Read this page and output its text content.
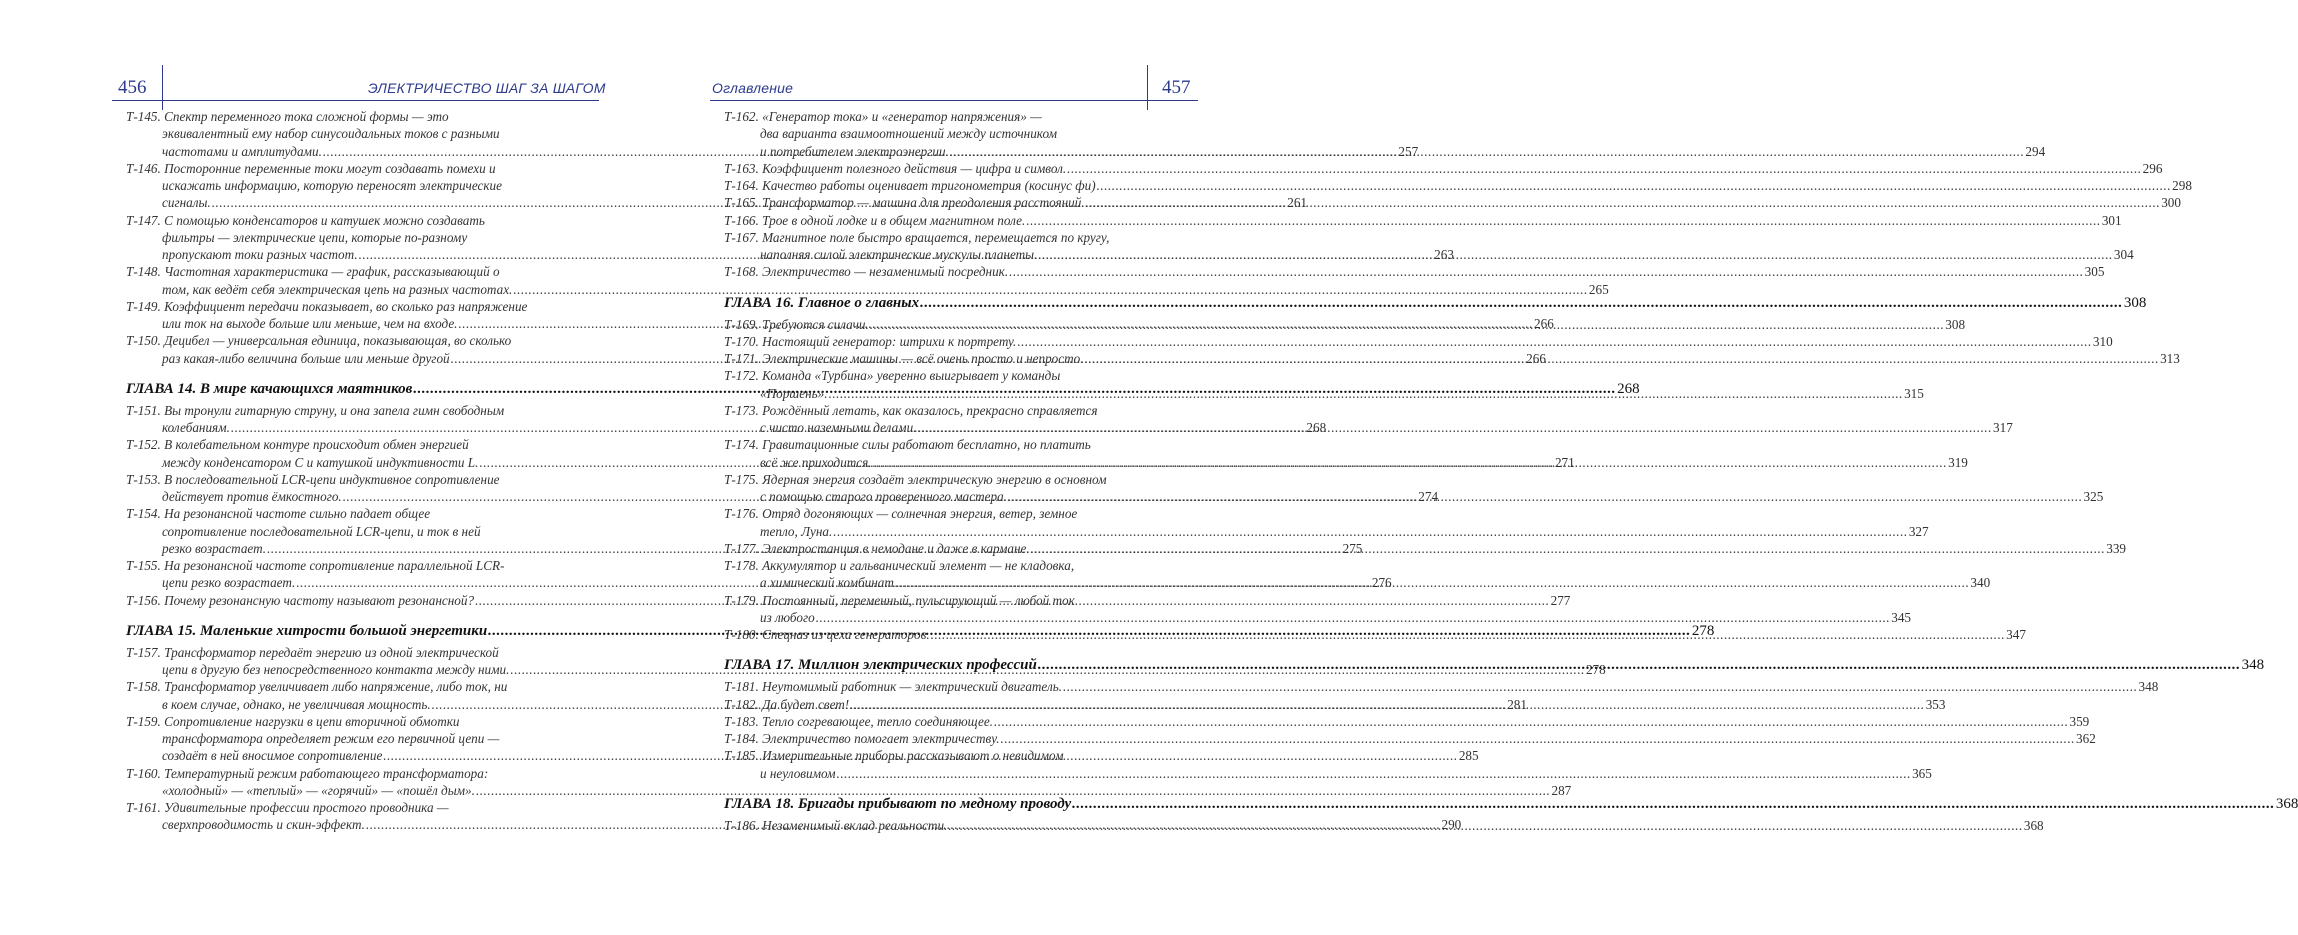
456	ЭЛЕКТРИЧЕСТВО ШАГ ЗА ШАГОМ
Т-145. Спектр переменного тока сложной формы — это
эквивалентный ему набор синусоидальных токов с разными
частотами и амплитудами. .....	257
Т-146. Посторонние переменные токи могут создавать помехи и
искажать информацию, которую переносят электрические
сигналы. .....	261
Т-147. С помощью конденсаторов и катушек можно создавать
фильтры — электрические цепи, которые по-разному
пропускают токи разных частот. .....	263
Т-148. Частотная характеристика — график, рассказывающий о
том, как ведёт себя электрическая цепь на разных частотах. .....	265
Т-149. Коэффициент передачи показывает, во сколько раз напряжение
или ток на выходе больше или меньше, чем на входе. .....	266
Т-150. Децибел — универсальная единица, показывающая, во сколько
раз какая-либо величина больше или меньше другой .....	266
ГЛАВА 14. В мире качающихся маятников .....	268
Т-151. Вы тронули гитарную струну, и она запела гимн свободным
колебаниям. .....	268
Т-152. В колебательном контуре происходит обмен энергией
между конденсатором С и катушкой индуктивности L. .....	271
Т-153. В последовательной LCR-цепи индуктивное сопротивление
действует против ёмкостного. .....	274
Т-154. На резонансной частоте сильно падает общее
сопротивление последовательной LCR-цепи, и ток в ней
резко возрастает. .....	275
Т-155. На резонансной частоте сопротивление параллельной LCR-
цепи резко возрастает. .....	276
Т-156. Почему резонансную частоту называют резонансной? .....	277
ГЛАВА 15. Маленькие хитрости большой энергетики .....	278
Т-157. Трансформатор передаёт энергию из одной электрической
цепи в другую без непосредственного контакта между ними. .....	278
Т-158. Трансформатор увеличивает либо напряжение, либо ток, ни
в коем случае, однако, не увеличивая мощность. .....	281
Т-159. Сопротивление нагрузки в цепи вторичной обмотки
трансформатора определяет режим его первичной цепи —
создаёт в ней вносимое сопротивление .....	285
Т-160. Температурный режим работающего трансформатора:
«холодный» — «теплый» — «горячий» — «пошёл дым». .....	287
Т-161. Удивительные профессии простого проводника —
сверхпроводимость и скин-эффект. .....	290
Оглавление	457
Т-162. «Генератор тока» и «генератор напряжения» —
два варианта взаимоотношений между источником
и потребителем электроэнергии. .....	294
Т-163. Коэффициент полезного действия — цифра и символ. .....	296
Т-164. Качество работы оценивает тригонометрия (косинус фи) .....	298
Т-165. Трансформатор — машина для преодоления расстояний. .....	300
Т-166. Трое в одной лодке и в общем магнитном поле. .....	301
Т-167. Магнитное поле быстро вращается, перемещается по кругу,
наполняя силой электрические мускулы планеты. .....	304
Т-168. Электричество — незаменимый посредник. .....	305
ГЛАВА 16. Главное о главных .....	308
Т-169. Требуются силачи. .....	308
Т-170. Настоящий генератор: штрихи к портрету. .....	310
Т-171. Электрические машины — всё очень просто и непросто. .....	313
Т-172. Команда «Турбина» уверенно выигрывает у команды
«Поршень». .....	315
Т-173. Рождённый летать, как оказалось, прекрасно справляется
с чисто наземными делами. .....	317
Т-174. Гравитационные силы работают бесплатно, но платить
всё же приходится. .....	319
Т-175. Ядерная энергия создаёт электрическую энергию в основном
с помощью старого проверенного мастера. .....	325
Т-176. Отряд догоняющих — солнечная энергия, ветер, земное
тепло, Луна. .....	327
Т-177. Электростанция в чемодане и даже в кармане. .....	339
Т-178. Аккумулятор и гальванический элемент — не кладовка,
а химический комбинат .....	340
Т-179. Постоянный, переменный, пульсирующий — любой ток
из любого .....	345
Т-180. Спецназ из цеха генераторов. .....	347
ГЛАВА 17. Миллион электрических профессий .....	348
Т-181. Неутомимый работник — электрический двигатель. .....	348
Т-182. Да будет свет! .....	353
Т-183. Тепло согревающее, тепло соединяющее. .....	359
Т-184. Электричество помогает электричеству. .....	362
Т-185. Измерительные приборы рассказывают о невидимом
и неуловимом .....	365
ГЛАВА 18. Бригады прибывают по медному проводу .....	368
Т-186. Незаменимый вклад реальности. .....	368
